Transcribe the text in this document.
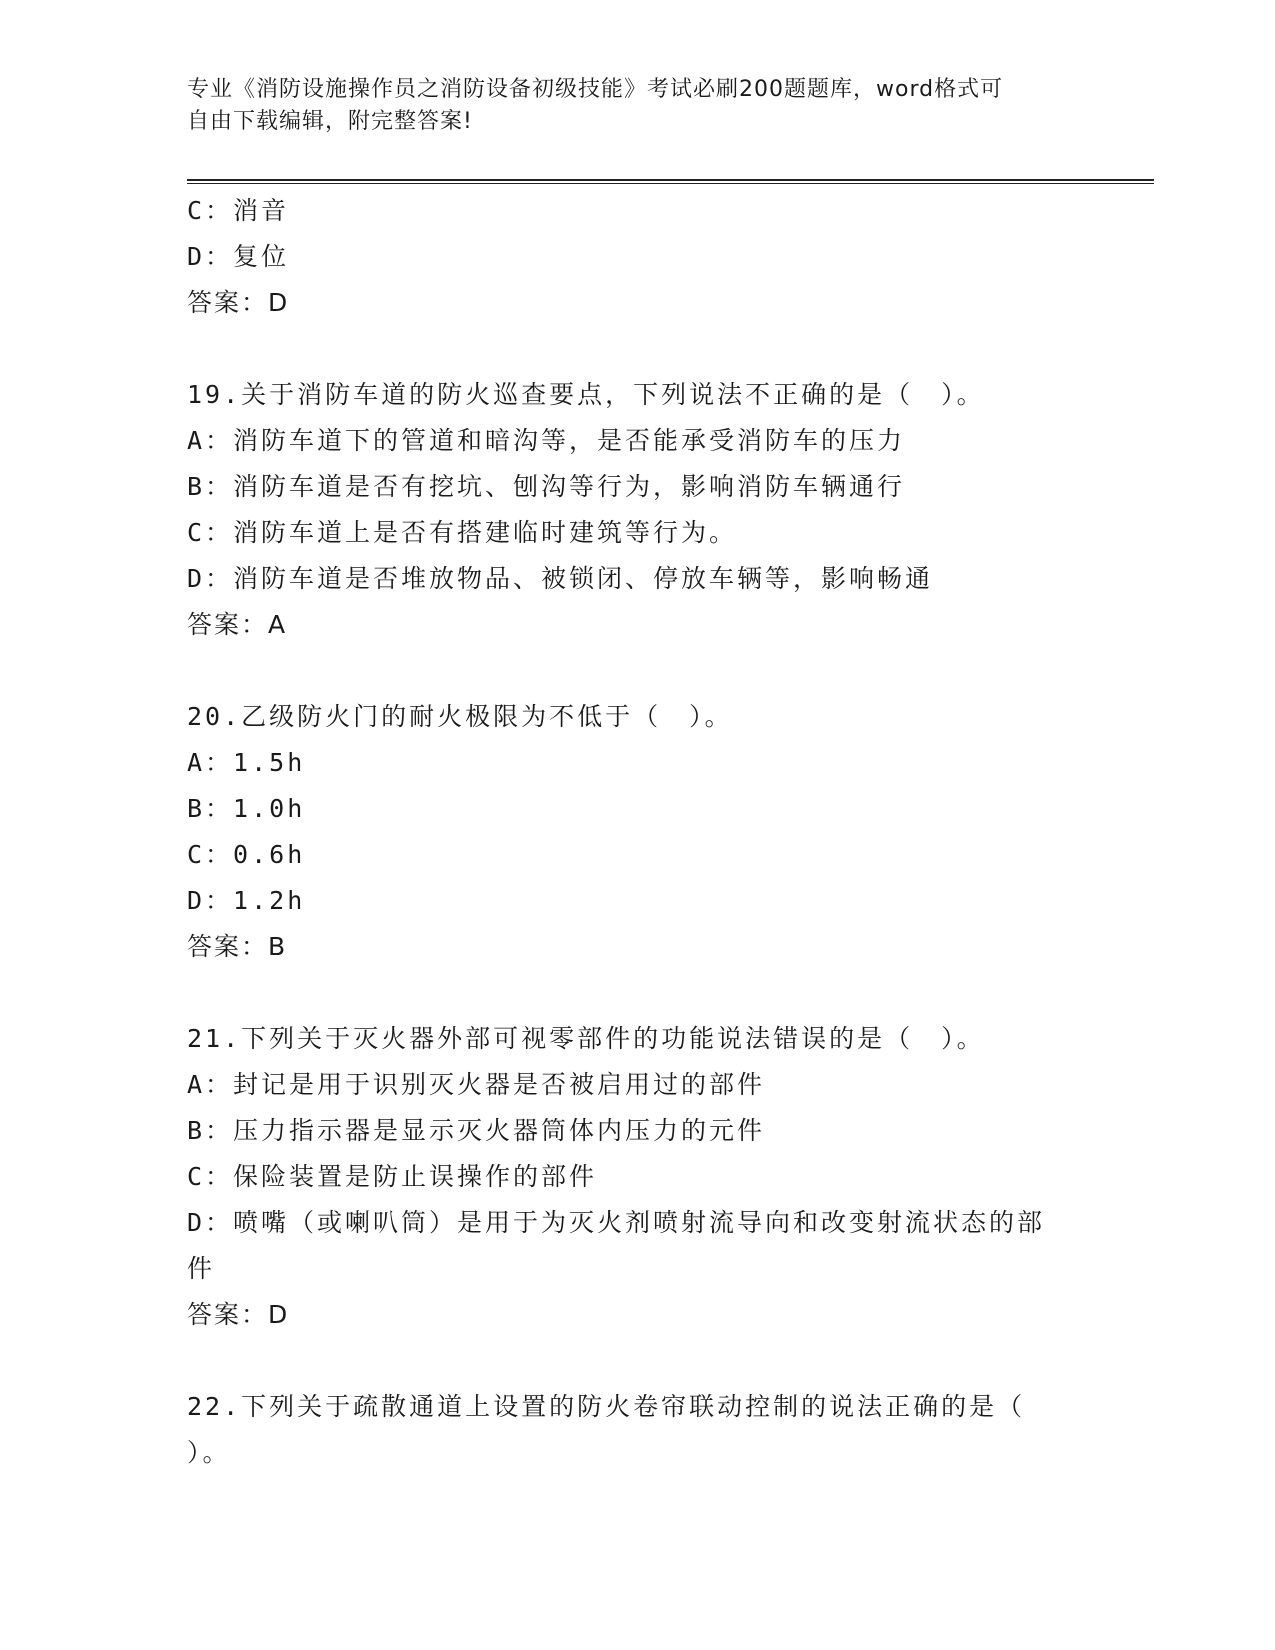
专业《消防设施操作员之消防设备初级技能》考试必刷200题题库，word格式可
自由下载编辑，附完整答案!
C：消音
D：复位
答案：D
19.关于消防车道的防火巡查要点，下列说法不正确的是（　）。
A：消防车道下的管道和暗沟等，是否能承受消防车的压力
B：消防车道是否有挖坑、刨沟等行为，影响消防车辆通行
C：消防车道上是否有搭建临时建筑等行为。
D：消防车道是否堆放物品、被锁闭、停放车辆等，影响畅通
答案：A
20.乙级防火门的耐火极限为不低于（　）。
A：1.5h
B：1.0h
C：0.6h
D：1.2h
答案：B
21.下列关于灭火器外部可视零部件的功能说法错误的是（　）。
A：封记是用于识别灭火器是否被启用过的部件
B：压力指示器是显示灭火器筒体内压力的元件
C：保险装置是防止误操作的部件
D：喷嘴（或喇叭筒）是用于为灭火剂喷射流导向和改变射流状态的部
件
答案：D
22.下列关于疏散通道上设置的防火卷帘联动控制的说法正确的是（
）。
